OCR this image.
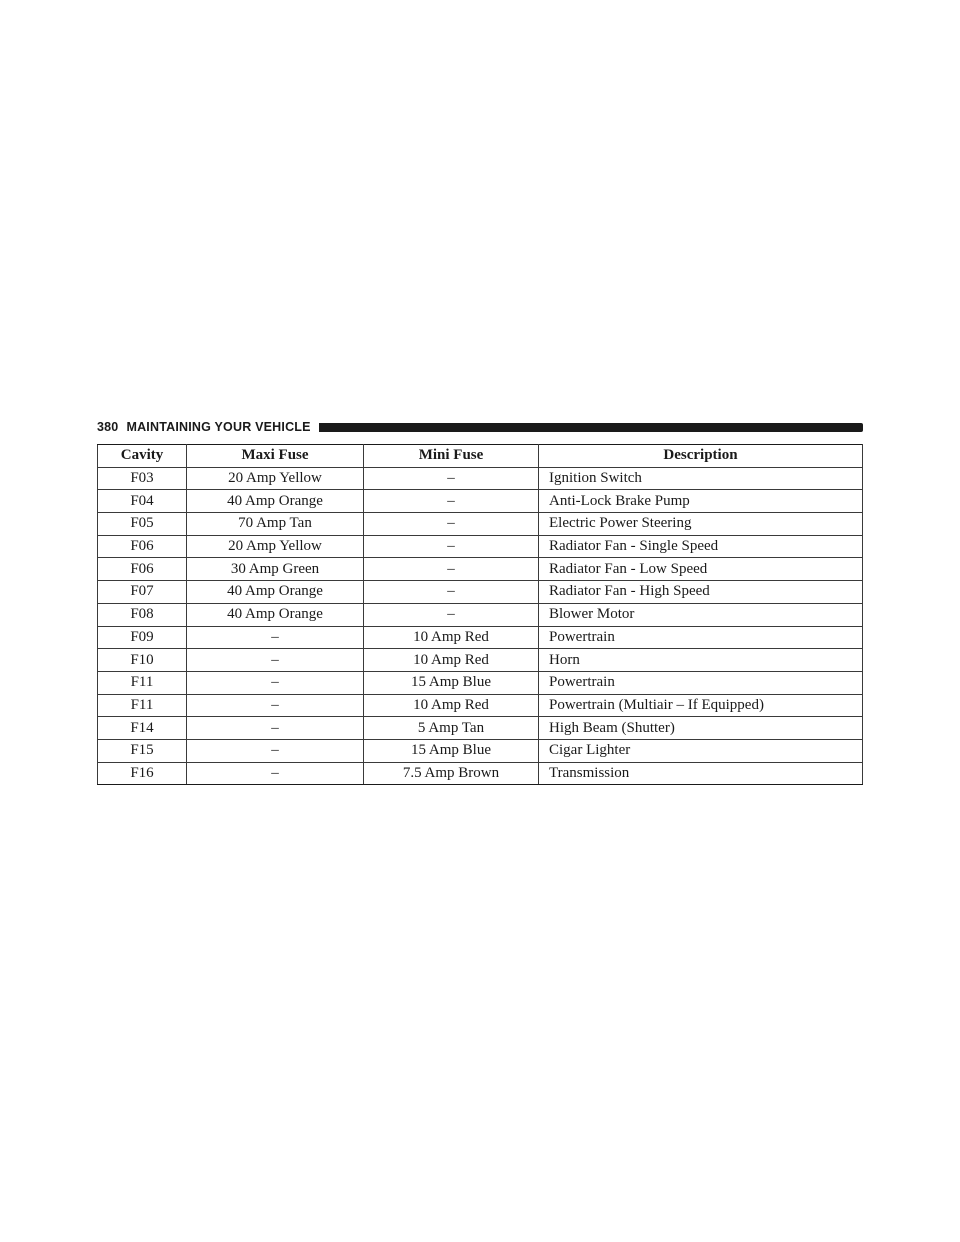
380 MAINTAINING YOUR VEHICLE
Cavity	Maxi Fuse	Mini Fuse	Description
F03	20 Amp Yellow	–	Ignition Switch
F04	40 Amp Orange	–	Anti-Lock Brake Pump
F05	70 Amp Tan	–	Electric Power Steering
F06	20 Amp Yellow	–	Radiator Fan - Single Speed
F06	30 Amp Green	–	Radiator Fan - Low Speed
F07	40 Amp Orange	–	Radiator Fan - High Speed
F08	40 Amp Orange	–	Blower Motor
F09	–	10 Amp Red	Powertrain
F10	–	10 Amp Red	Horn
F11	–	15 Amp Blue	Powertrain
F11	–	10 Amp Red	Powertrain (Multiair – If Equipped)
F14	–	5 Amp Tan	High Beam (Shutter)
F15	–	15 Amp Blue	Cigar Lighter
F16	–	7.5 Amp Brown	Transmission
